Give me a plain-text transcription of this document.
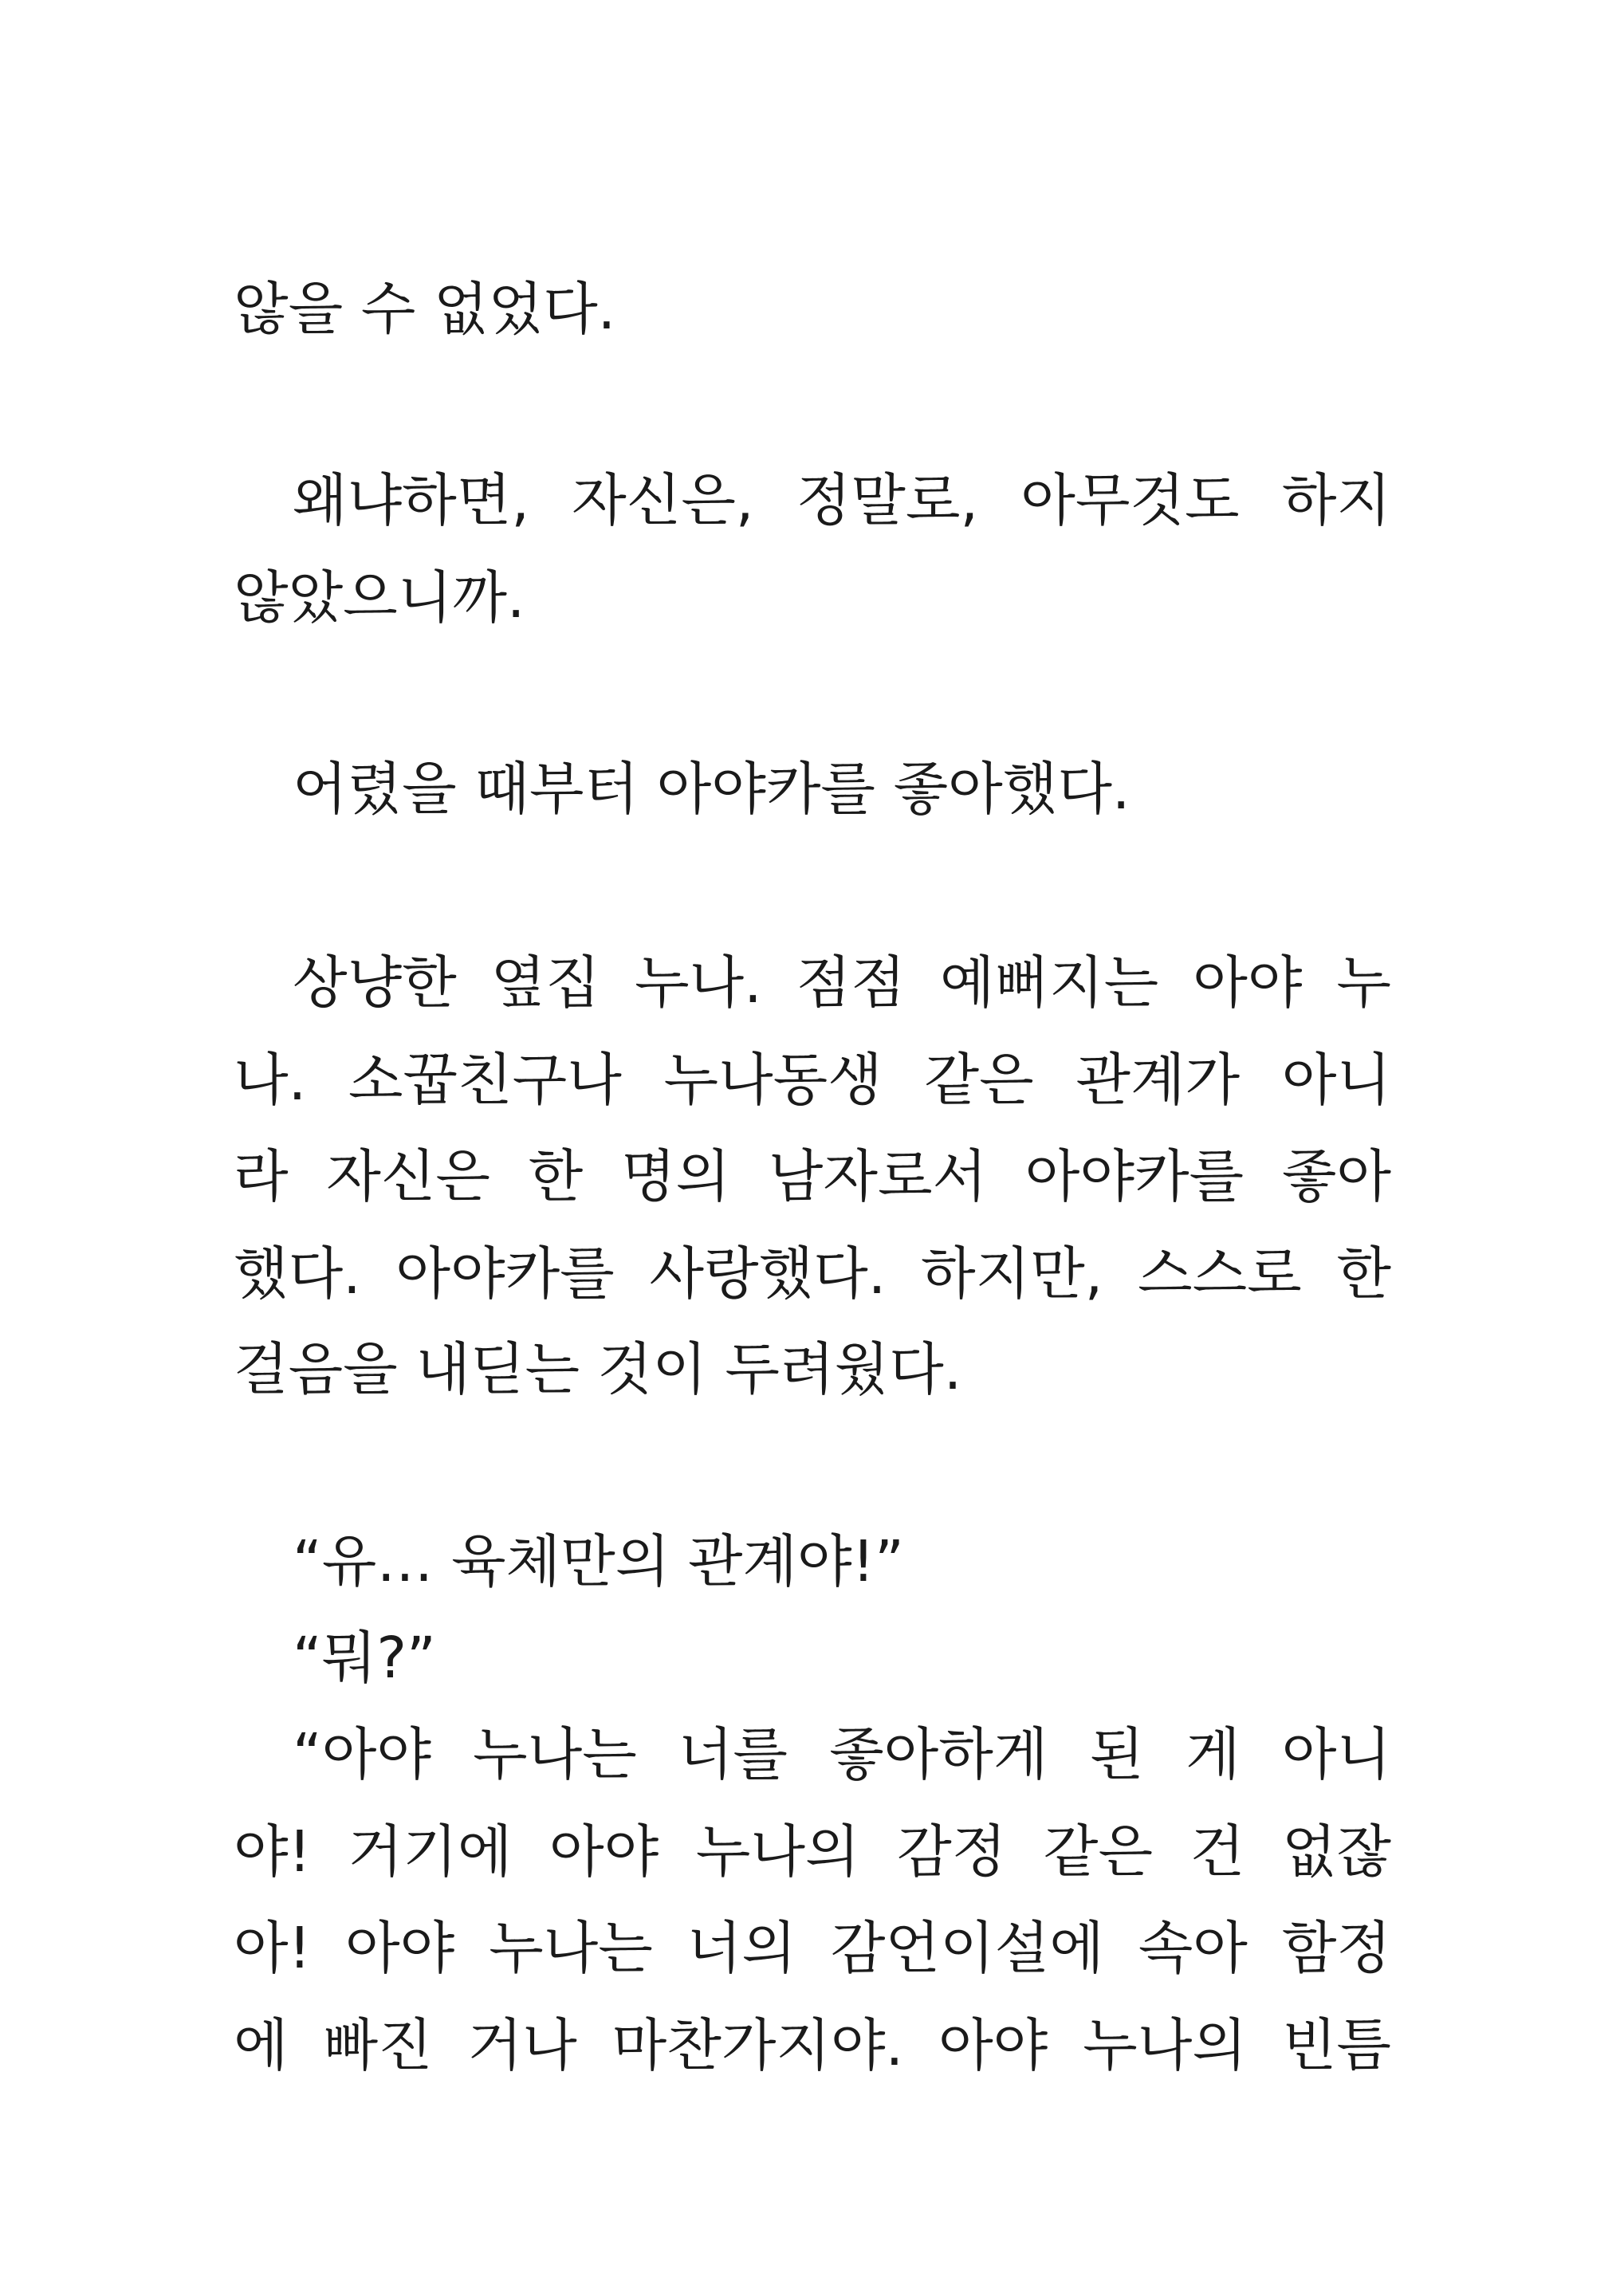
않을 수 없었다.
왜냐하면, 자신은, 정말로, 아무것도 하지
않았으니까.
어렸을 때부터 아야카를 좋아했다.
상냥한 옆집 누나. 점점 예뻐지는 아야 누
나. 소꿉친구나 누나동생 같은 관계가 아니
라 자신은 한 명의 남자로서 아야카를 좋아
했다. 아야카를 사랑했다. 하지만, 스스로 한
걸음을 내딛는 것이 두려웠다.
“유… 육체만의 관계야!”
“뭐?”
“아야 누나는 너를 좋아하게 된 게 아니
야! 거기에 아야 누나의 감정 같은 건 없잖
아! 아야 누나는 너의 감언이설에 속아 함정
에 빠진 거나 마찬가지야. 아야 누나의 빈틈
